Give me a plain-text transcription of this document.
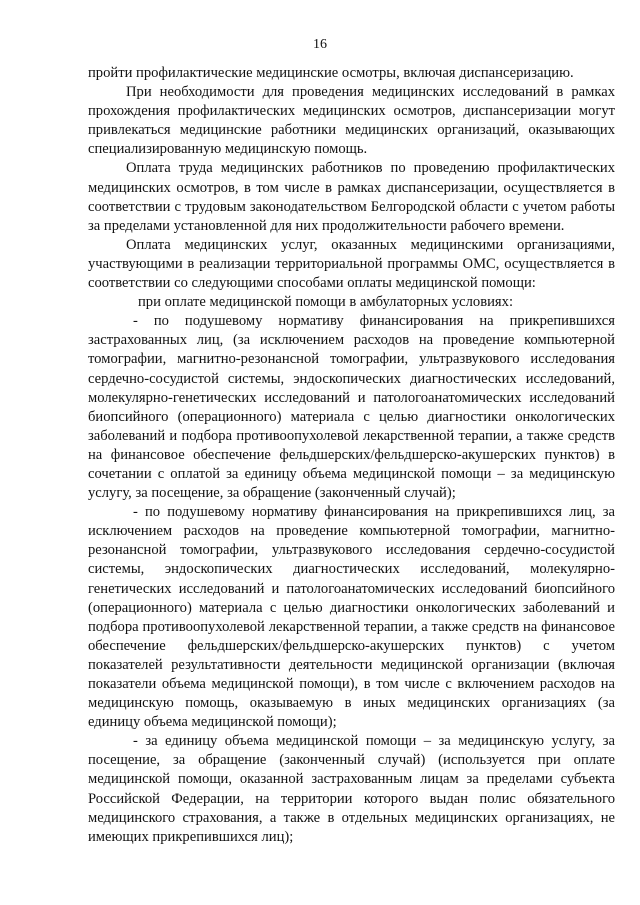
16

пройти профилактические медицинские осмотры, включая диспансеризацию.

При необходимости для проведения медицинских исследований в рамках прохождения профилактических медицинских осмотров, диспансеризации могут привлекаться медицинские работники медицинских организаций, оказывающих специализированную медицинскую помощь.

Оплата труда медицинских работников по проведению профилактических медицинских осмотров, в том числе в рамках диспансеризации, осуществляется в соответствии с трудовым законодательством Белгородской области с учетом работы за пределами установленной для них продолжительности рабочего времени.

Оплата медицинских услуг, оказанных медицинскими организациями, участвующими в реализации территориальной программы ОМС, осуществляется в соответствии со следующими способами оплаты медицинской помощи:

при оплате медицинской помощи в амбулаторных условиях:

- по подушевому нормативу финансирования на прикрепившихся застрахованных лиц, (за исключением расходов на проведение компьютерной томографии, магнитно-резонансной томографии, ультразвукового исследования сердечно-сосудистой системы, эндоскопических диагностических исследований, молекулярно-генетических исследований и патологоанатомических исследований биопсийного (операционного) материала с целью диагностики онкологических заболеваний и подбора противоопухолевой лекарственной терапии, а также средств на финансовое обеспечение фельдшерских/фельдшерско-акушерских пунктов) в сочетании с оплатой за единицу объема медицинской помощи – за медицинскую услугу, за посещение, за обращение (законченный случай);

- по подушевому нормативу финансирования на прикрепившихся лиц, за исключением расходов на проведение компьютерной томографии, магнитно-резонансной томографии, ультразвукового исследования сердечно-сосудистой системы, эндоскопических диагностических исследований, молекулярно-генетических исследований и патологоанатомических исследований биопсийного (операционного) материала с целью диагностики онкологических заболеваний и подбора противоопухолевой лекарственной терапии, а также средств на финансовое обеспечение фельдшерских/фельдшерско-акушерских пунктов) с учетом показателей результативности деятельности медицинской организации (включая показатели объема медицинской помощи), в том числе с включением расходов на медицинскую помощь, оказываемую в иных медицинских организациях (за единицу объема медицинской помощи);

- за единицу объема медицинской помощи – за медицинскую услугу, за посещение, за обращение (законченный случай) (используется при оплате медицинской помощи, оказанной застрахованным лицам за пределами субъекта Российской Федерации, на территории которого выдан полис обязательного медицинского страхования, а также в отдельных медицинских организациях, не имеющих прикрепившихся лиц);
